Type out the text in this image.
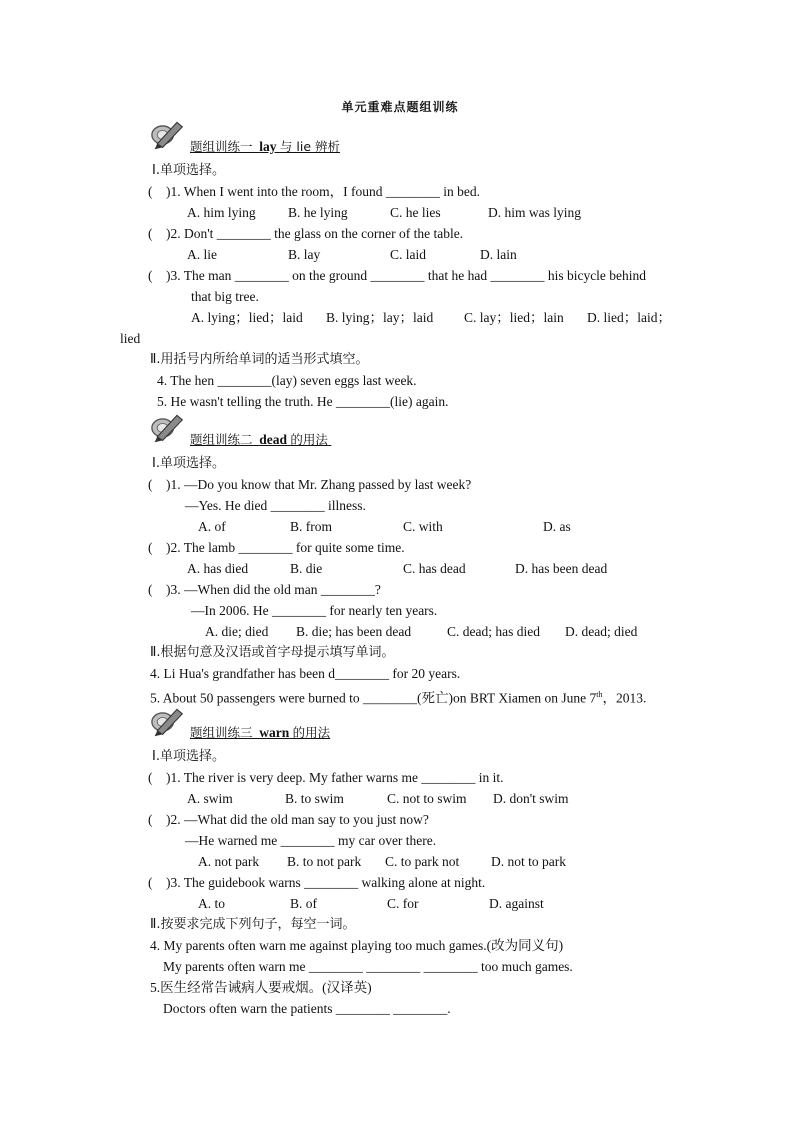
单元重难点题组训练
题组训练一 lay 与 lie 辨析
Ⅰ.单项选择。
(　)1. When I went into the room，I found ________ in bed.
A. him lying B. he lying	C. he lies	D. him was lying
(　)2. Don't ________ the glass on the corner of the table.
A. lie	B. lay	C. laid	D. lain
(　)3. The man ________ on the ground ________ that he had ________ his bicycle behind
that big tree.
A. lying；lied；laid B. lying；lay；laid C. lay；lied；lain D. lied；laid；
lied
Ⅱ.用括号内所给单词的适当形式填空。
4. The hen ________(lay) seven eggs last week.
5. He wasn't telling the truth. He ________(lie) again.
题组训练二 dead 的用法
Ⅰ.单项选择。
(　)1. —Do you know that Mr. Zhang passed by last week?
—Yes. He died ________ illness.
A. of	B. from	C. with	D. as
(　)2. The lamb ________ for quite some time.
A. has died	B. die	C. has dead	D. has been dead
(　)3. —When did the old man ________?
—In 2006. He ________ for nearly ten years.
A. die; died B. die; has been dead	C. dead; has died D. dead; died
Ⅱ.根据句意及汉语或首字母提示填写单词。
4. Li Hua's grandfather has been d________ for 20 years.
5. About 50 passengers were burned to ________(死亡)on BRT Xiamen on June 7th，2013.
题组训练三 warn 的用法
Ⅰ.单项选择。
(　)1. The river is very deep. My father warns me ________ in it.
A. swim	B. to swim	C. not to swim D. don't swim
(　)2. —What did the old man say to you just now?
—He warned me ________ my car over there.
A. not park B. to not park C. to park not D. not to park
(　)3. The guidebook warns ________ walking alone at night.
A. to	B. of	C. for	D. against
Ⅱ.按要求完成下列句子，每空一词。
4. My parents often warn me against playing too much games.(改为同义句)
My parents often warn me ________ ________ ________ too much games.
5.医生经常告诫病人要戒烟。(汉译英)
Doctors often warn the patients ________ ________.
